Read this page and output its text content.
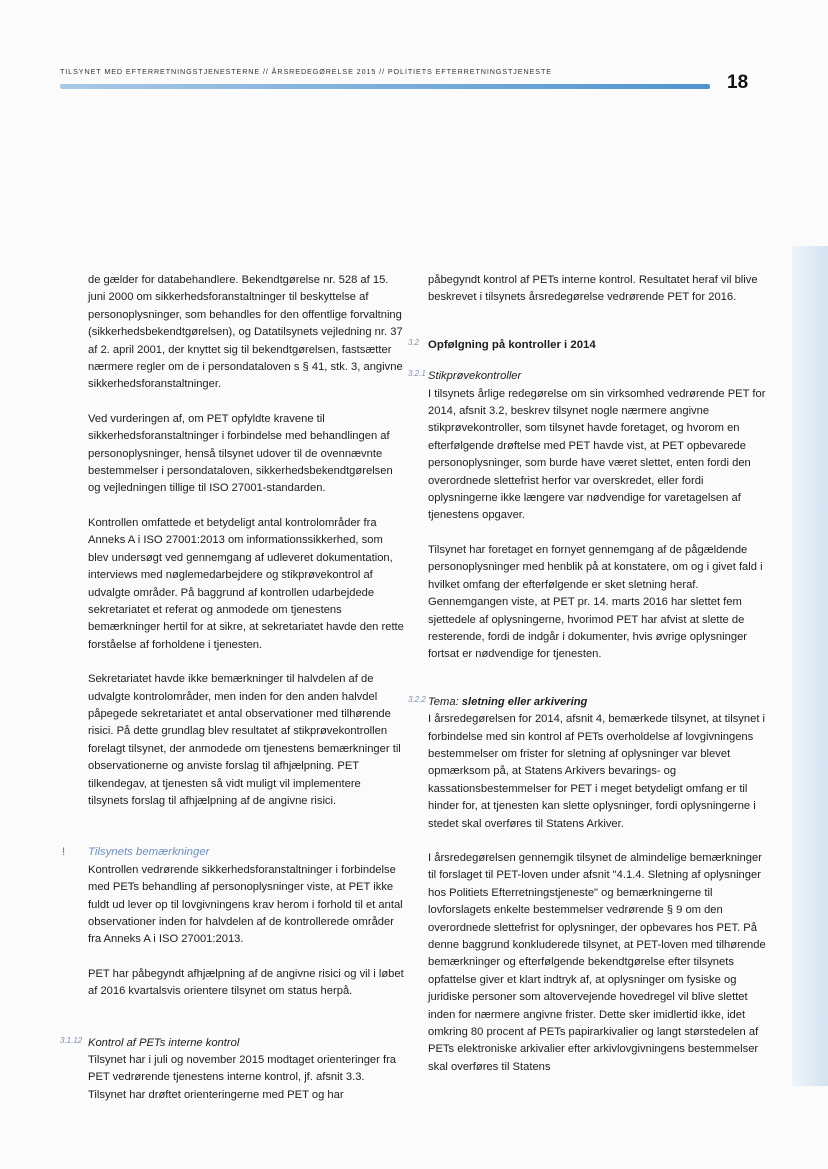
TILSYNET MED EFTERRETNINGSTJENESTERNE // ÅRSREDEGØRELSE 2015 // POLITIETS EFTERRETNINGSTJENESTE
18

de gælder for databehandlere. Bekendtgørelse nr. 528 af 15. juni 2000 om sikkerhedsforanstaltninger til beskyttelse af personoplysninger, som behandles for den offentlige forvaltning (sikkerhedsbekendtgørelsen), og Datatilsynets vejledning nr. 37 af 2. april 2001, der knyttet sig til bekendtgørelsen, fastsætter nærmere regler om de i persondataloven s § 41, stk. 3, angivne sikkerhedsforanstaltninger.

Ved vurderingen af, om PET opfyldte kravene til sikkerhedsforanstaltninger i forbindelse med behandlingen af personoplysninger, henså tilsynet udover til de ovennævnte bestemmelser i persondataloven, sikkerhedsbekendtgørelsen og vejledningen tillige til ISO 27001-standarden.

Kontrollen omfattede et betydeligt antal kontrolområder fra Anneks A i ISO 27001:2013 om informationssikkerhed, som blev undersøgt ved gennemgang af udleveret dokumentation, interviews med nøglemedarbejdere og stikprøvekontrol af udvalgte områder. På baggrund af kontrollen udarbejdede sekretariatet et referat og anmodede om tjenestens bemærkninger hertil for at sikre, at sekretariatet havde den rette forståelse af forholdene i tjenesten.

Sekretariatet havde ikke bemærkninger til halvdelen af de udvalgte kontrolområder, men inden for den anden halvdel påpegede sekretariatet et antal observationer med tilhørende risici. På dette grundlag blev resultatet af stikprøvekontrollen forelagt tilsynet, der anmodede om tjenestens bemærkninger til observationerne og anviste forslag til afhjælpning. PET tilkendegav, at tjenesten så vidt muligt vil implementere tilsynets forslag til afhjælpning af de angivne risici.

! Tilsynets bemærkninger

Kontrollen vedrørende sikkerhedsforanstaltninger i forbindelse med PETs behandling af personoplysninger viste, at PET ikke fuldt ud lever op til lovgivningens krav herom i forhold til et antal observationer inden for halvdelen af de kontrollerede områder fra Anneks A i ISO 27001:2013.

PET har påbegyndt afhjælpning af de angivne risici og vil i løbet af 2016 kvartalsvis orientere tilsynet om status herpå.

3.1.12 Kontrol af PETs interne kontrol

Tilsynet har i juli og november 2015 modtaget orienteringer fra PET vedrørende tjenestens interne kontrol, jf. afsnit 3.3. Tilsynet har drøftet orienteringerne med PET og har

påbegyndt kontrol af PETs interne kontrol. Resultatet heraf vil blive beskrevet i tilsynets årsredegørelse vedrørende PET for 2016.

3.2 Opfølgning på kontroller i 2014
3.2.1 Stikprøvekontroller

I tilsynets årlige redegørelse om sin virksomhed vedrørende PET for 2014, afsnit 3.2, beskrev tilsynet nogle nærmere angivne stikprøvekontroller, som tilsynet havde foretaget, og hvorom en efterfølgende drøftelse med PET havde vist, at PET opbevarede personoplysninger, som burde have været slettet, enten fordi den overordnede slettefrist herfor var overskredet, eller fordi oplysningerne ikke længere var nødvendige for varetagelsen af tjenestens opgaver.

Tilsynet har foretaget en fornyet gennemgang af de pågældende personoplysninger med henblik på at konstatere, om og i givet fald i hvilket omfang der efterfølgende er sket sletning heraf. Gennemgangen viste, at PET pr. 14. marts 2016 har slettet fem sjettedele af oplysningerne, hvorimod PET har afvist at slette de resterende, fordi de indgår i dokumenter, hvis øvrige oplysninger fortsat er nødvendige for tjenesten.

3.2.2 Tema: sletning eller arkivering

I årsredegørelsen for 2014, afsnit 4, bemærkede tilsynet, at tilsynet i forbindelse med sin kontrol af PETs overholdelse af lovgivningens bestemmelser om frister for sletning af oplysninger var blevet opmærksom på, at Statens Arkivers bevarings- og kassationsbestemmelser for PET i meget betydeligt omfang er til hinder for, at tjenesten kan slette oplysninger, fordi oplysningerne i stedet skal overføres til Statens Arkiver.

I årsredegørelsen gennemgik tilsynet de almindelige bemærkninger til forslaget til PET-loven under afsnit "4.1.4. Sletning af oplysninger hos Politiets Efterretningstjeneste" og bemærkningerne til lovforslagets enkelte bestemmelser vedrørende § 9 om den overordnede slettefrist for oplysninger, der opbevares hos PET. På denne baggrund konkluderede tilsynet, at PET-loven med tilhørende bemærkninger og efterfølgende bekendtgørelse efter tilsynets opfattelse giver et klart indtryk af, at oplysninger om fysiske og juridiske personer som altovervejende hovedregel vil blive slettet inden for nærmere angivne frister. Dette sker imidlertid ikke, idet omkring 80 procent af PETs papirarkivalier og langt størstedelen af PETs elektroniske arkivalier efter arkivlovgivningens bestemmelser skal overføres til Statens
